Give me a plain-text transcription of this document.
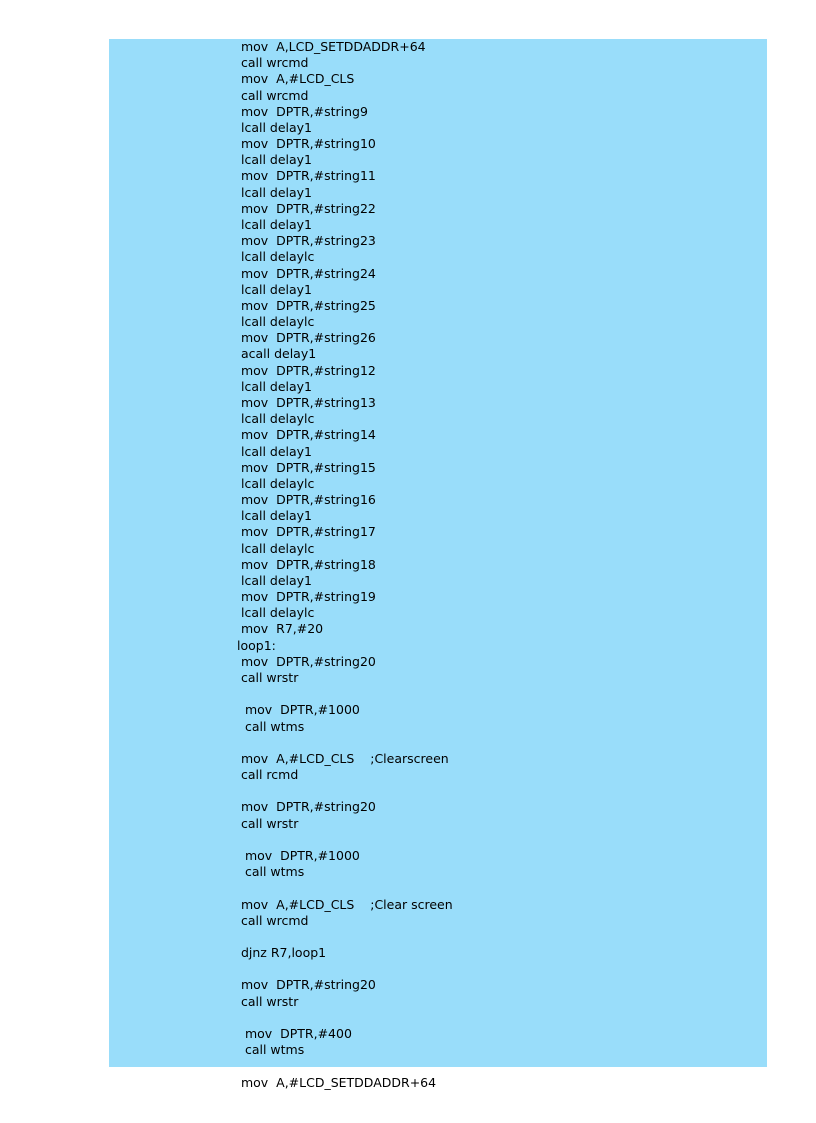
mov  A,LCD_SETDDADDR+64
call wrcmd
mov  A,#LCD_CLS
call wrcmd
mov  DPTR,#string9
lcall delay1
mov  DPTR,#string10
lcall delay1
mov  DPTR,#string11
lcall delay1
mov  DPTR,#string22
lcall delay1
mov  DPTR,#string23
lcall delaylc
mov  DPTR,#string24
lcall delay1
mov  DPTR,#string25
lcall delaylc
mov  DPTR,#string26
acall delay1
mov  DPTR,#string12
lcall delay1
mov  DPTR,#string13
lcall delaylc
mov  DPTR,#string14
lcall delay1
mov  DPTR,#string15
lcall delaylc
mov  DPTR,#string16
lcall delay1
mov  DPTR,#string17
lcall delaylc
mov  DPTR,#string18
lcall delay1
mov  DPTR,#string19
lcall delaylc
mov  R7,#20
loop1:
mov  DPTR,#string20
call wrstr
mov  DPTR,#1000
call wtms
mov  A,#LCD_CLS    ;Clearscreen
call rcmd
mov  DPTR,#string20
call wrstr
mov  DPTR,#1000
call wtms
mov  A,#LCD_CLS    ;Clear screen
call wrcmd
djnz R7,loop1
mov  DPTR,#string20
call wrstr
mov  DPTR,#400
call wtms
mov  A,#LCD_SETDDADDR+64
